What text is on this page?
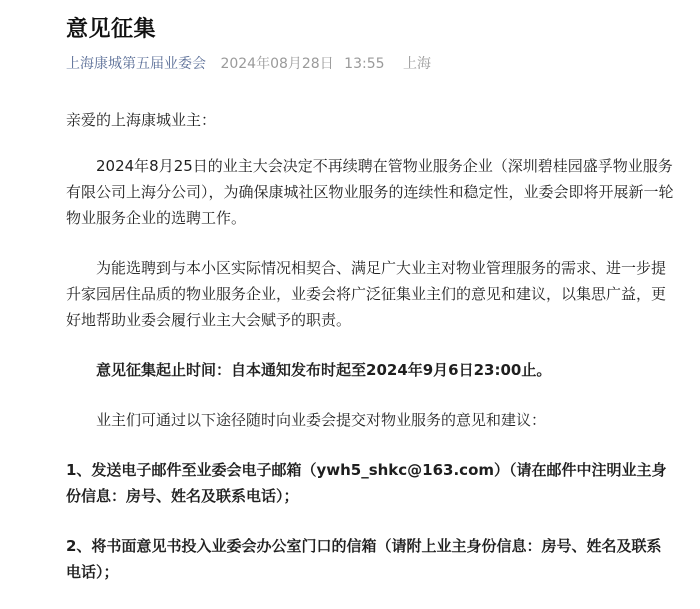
意见征集
上海康城第五届业委会 2024年08月28日 13:55 上海

亲爱的上海康城业主：

2024年8月25日的业主大会决定不再续聘在管物业服务企业（深圳碧桂园盛孚物业服务有限公司上海分公司），为确保康城社区物业服务的连续性和稳定性，业委会即将开展新一轮物业服务企业的选聘工作。

为能选聘到与本小区实际情况相契合、满足广大业主对物业管理服务的需求、进一步提升家园居住品质的物业服务企业，业委会将广泛征集业主们的意见和建议，以集思广益，更好地帮助业委会履行业主大会赋予的职责。

意见征集起止时间：自本通知发布时起至2024年9月6日23:00止。

业主们可通过以下途径随时向业委会提交对物业服务的意见和建议：

1、发送电子邮件至业委会电子邮箱（ywh5_shkc@163.com）（请在邮件中注明业主身份信息：房号、姓名及联系电话）；

2、将书面意见书投入业委会办公室门口的信箱（请附上业主身份信息：房号、姓名及联系电话）；
